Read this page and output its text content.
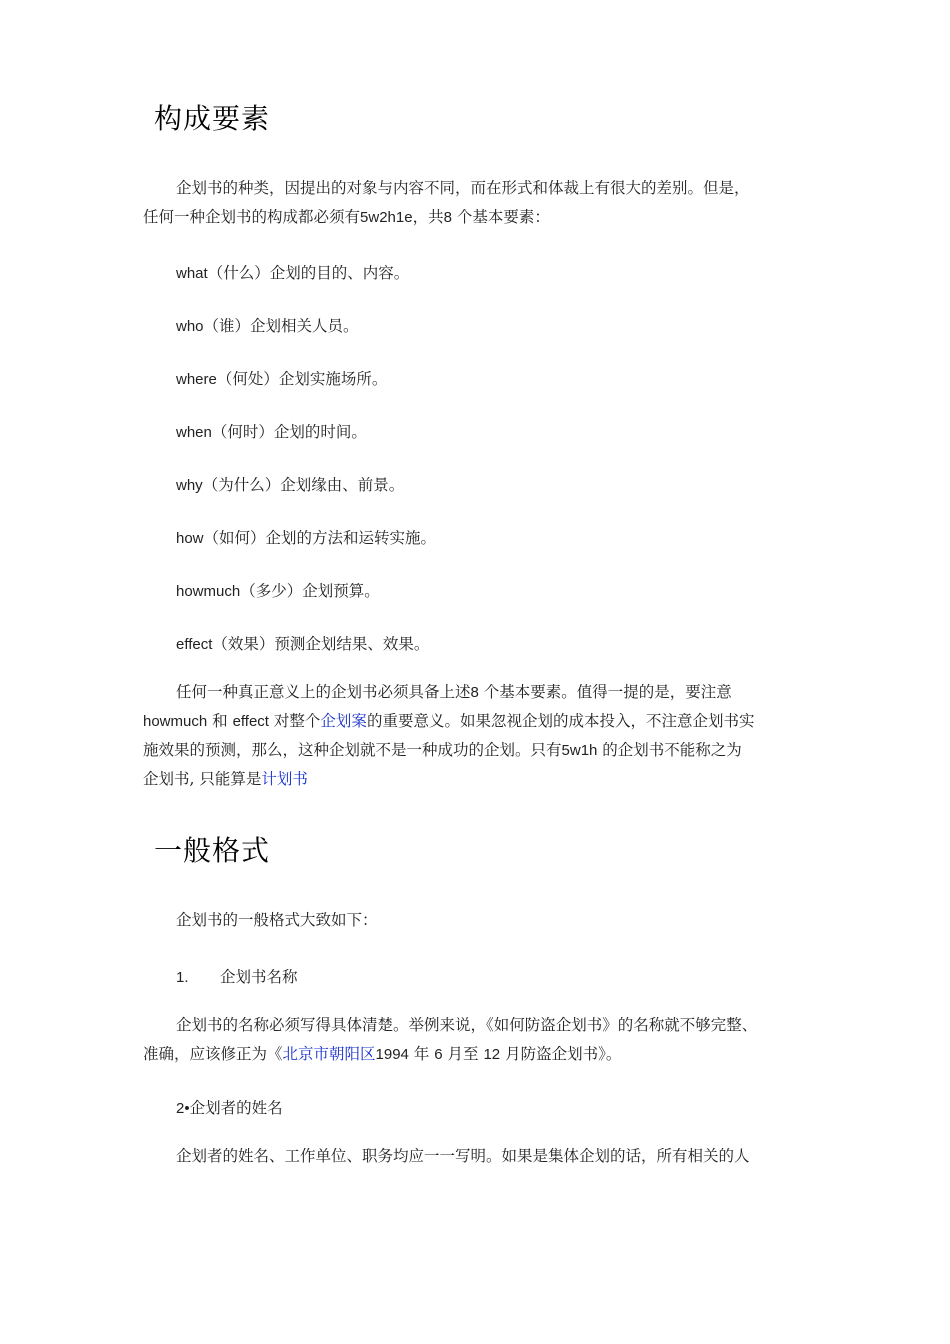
构成要素
企划书的种类，因提出的对象与内容不同，而在形式和体裁上有很大的差别。但是，
任何一种企划书的构成都必须有5w2h1e，共8 个基本要素：
what（什么）企划的目的、内容。
who（谁）企划相关人员。
where（何处）企划实施场所。
when（何时）企划的时间。
why（为什么）企划缘由、前景。
how（如何）企划的方法和运转实施。
howmuch（多少）企划预算。
effect（效果）预测企划结果、效果。
任何一种真正意义上的企划书必须具备上述8 个基本要素。值得一提的是，要注意
howmuch 和 effect 对整个企划案的重要意义。如果忽视企划的成本投入，不注意企划书实
施效果的预测，那么，这种企划就不是一种成功的企划。只有5w1h 的企划书不能称之为
企划书, 只能算是计划书
一般格式
企划书的一般格式大致如下：
1. 企划书名称
企划书的名称必须写得具体清楚。举例来说，《如何防盗企划书》的名称就不够完整、
准确，应该修正为《北京市朝阳区1994 年 6 月至 12 月防盗企划书》。
2•企划者的姓名
企划者的姓名、工作单位、职务均应一一写明。如果是集体企划的话，所有相关的人
